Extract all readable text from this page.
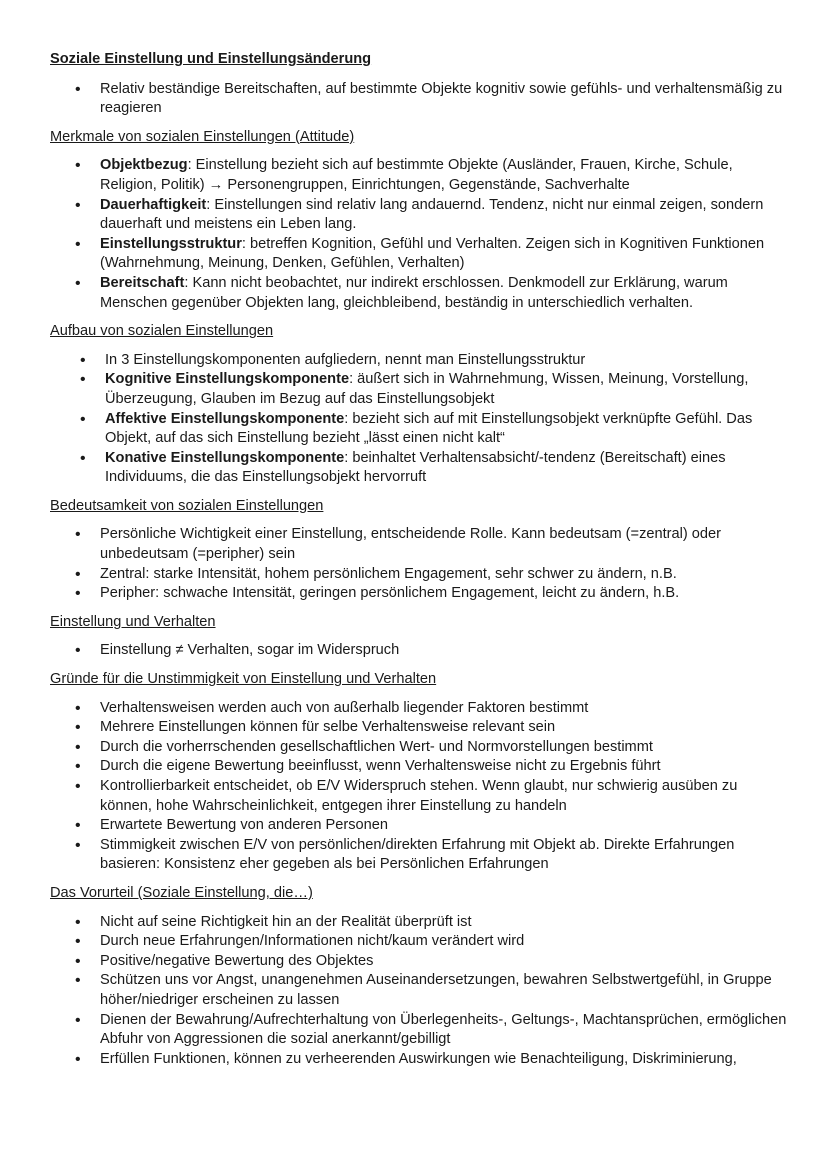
Soziale Einstellung und Einstellungsänderung
• Relativ beständige Bereitschaften, auf bestimmte Objekte kognitiv sowie gefühls- und verhaltensmäßig zu reagieren
Merkmale von sozialen Einstellungen (Attitude)
• Objektbezug: Einstellung bezieht sich auf bestimmte Objekte (Ausländer, Frauen, Kirche, Schule, Religion, Politik) → Personengruppen, Einrichtungen, Gegenstände, Sachverhalte
• Dauerhaftigkeit: Einstellungen sind relativ lang andauernd. Tendenz, nicht nur einmal zeigen, sondern dauerhaft und meistens ein Leben lang.
• Einstellungsstruktur: betreffen Kognition, Gefühl und Verhalten. Zeigen sich in Kognitiven Funktionen (Wahrnehmung, Meinung, Denken, Gefühlen, Verhalten)
• Bereitschaft: Kann nicht beobachtet, nur indirekt erschlossen. Denkmodell zur Erklärung, warum Menschen gegenüber Objekten lang, gleichbleibend, beständig in unterschiedlich verhalten.
Aufbau von sozialen Einstellungen
• In 3 Einstellungskomponenten aufgliedern, nennt man Einstellungsstruktur
• Kognitive Einstellungskomponente: äußert sich in Wahrnehmung, Wissen, Meinung, Vorstellung, Überzeugung, Glauben im Bezug auf das Einstellungsobjekt
• Affektive Einstellungskomponente: bezieht sich auf mit Einstellungsobjekt verknüpfte Gefühl. Das Objekt, auf das sich Einstellung bezieht „lässt einen nicht kalt“
• Konative Einstellungskomponente: beinhaltet Verhaltensabsicht/-tendenz (Bereitschaft) eines Individuums, die das Einstellungsobjekt hervorruft
Bedeutsamkeit von sozialen Einstellungen
• Persönliche Wichtigkeit einer Einstellung, entscheidende Rolle. Kann bedeutsam (=zentral) oder unbedeutsam (=peripher) sein
• Zentral: starke Intensität, hohem persönlichem Engagement, sehr schwer zu ändern, n.B.
• Peripher: schwache Intensität, geringen persönlichem Engagement, leicht zu ändern, h.B.
Einstellung und Verhalten
• Einstellung ≠ Verhalten, sogar im Widerspruch
Gründe für die Unstimmigkeit von Einstellung und Verhalten
• Verhaltensweisen werden auch von außerhalb liegender Faktoren bestimmt
• Mehrere Einstellungen können für selbe Verhaltensweise relevant sein
• Durch die vorherrschenden gesellschaftlichen Wert- und Normvorstellungen bestimmt
• Durch die eigene Bewertung beeinflusst, wenn Verhaltensweise nicht zu Ergebnis führt
• Kontrollierbarkeit entscheidet, ob E/V Widerspruch stehen. Wenn glaubt, nur schwierig ausüben zu können, hohe Wahrscheinlichkeit, entgegen ihrer Einstellung zu handeln
• Erwartete Bewertung von anderen Personen
• Stimmigkeit zwischen E/V von persönlichen/direkten Erfahrung mit Objekt ab. Direkte Erfahrungen basieren: Konsistenz eher gegeben als bei Persönlichen Erfahrungen
Das Vorurteil (Soziale Einstellung, die…)
• Nicht auf seine Richtigkeit hin an der Realität überprüft ist
• Durch neue Erfahrungen/Informationen nicht/kaum verändert wird
• Positive/negative Bewertung des Objektes
• Schützen uns vor Angst, unangenehmen Auseinandersetzungen, bewahren Selbstwertgefühl, in Gruppe höher/niedriger erscheinen zu lassen
• Dienen der Bewahrung/Aufrechterhaltung von Überlegenheits-, Geltungs-, Machtansprüchen, ermöglichen Abfuhr von Aggressionen die sozial anerkannt/gebilligt
• Erfüllen Funktionen, können zu verheerenden Auswirkungen wie Benachteiligung, Diskriminierung,
